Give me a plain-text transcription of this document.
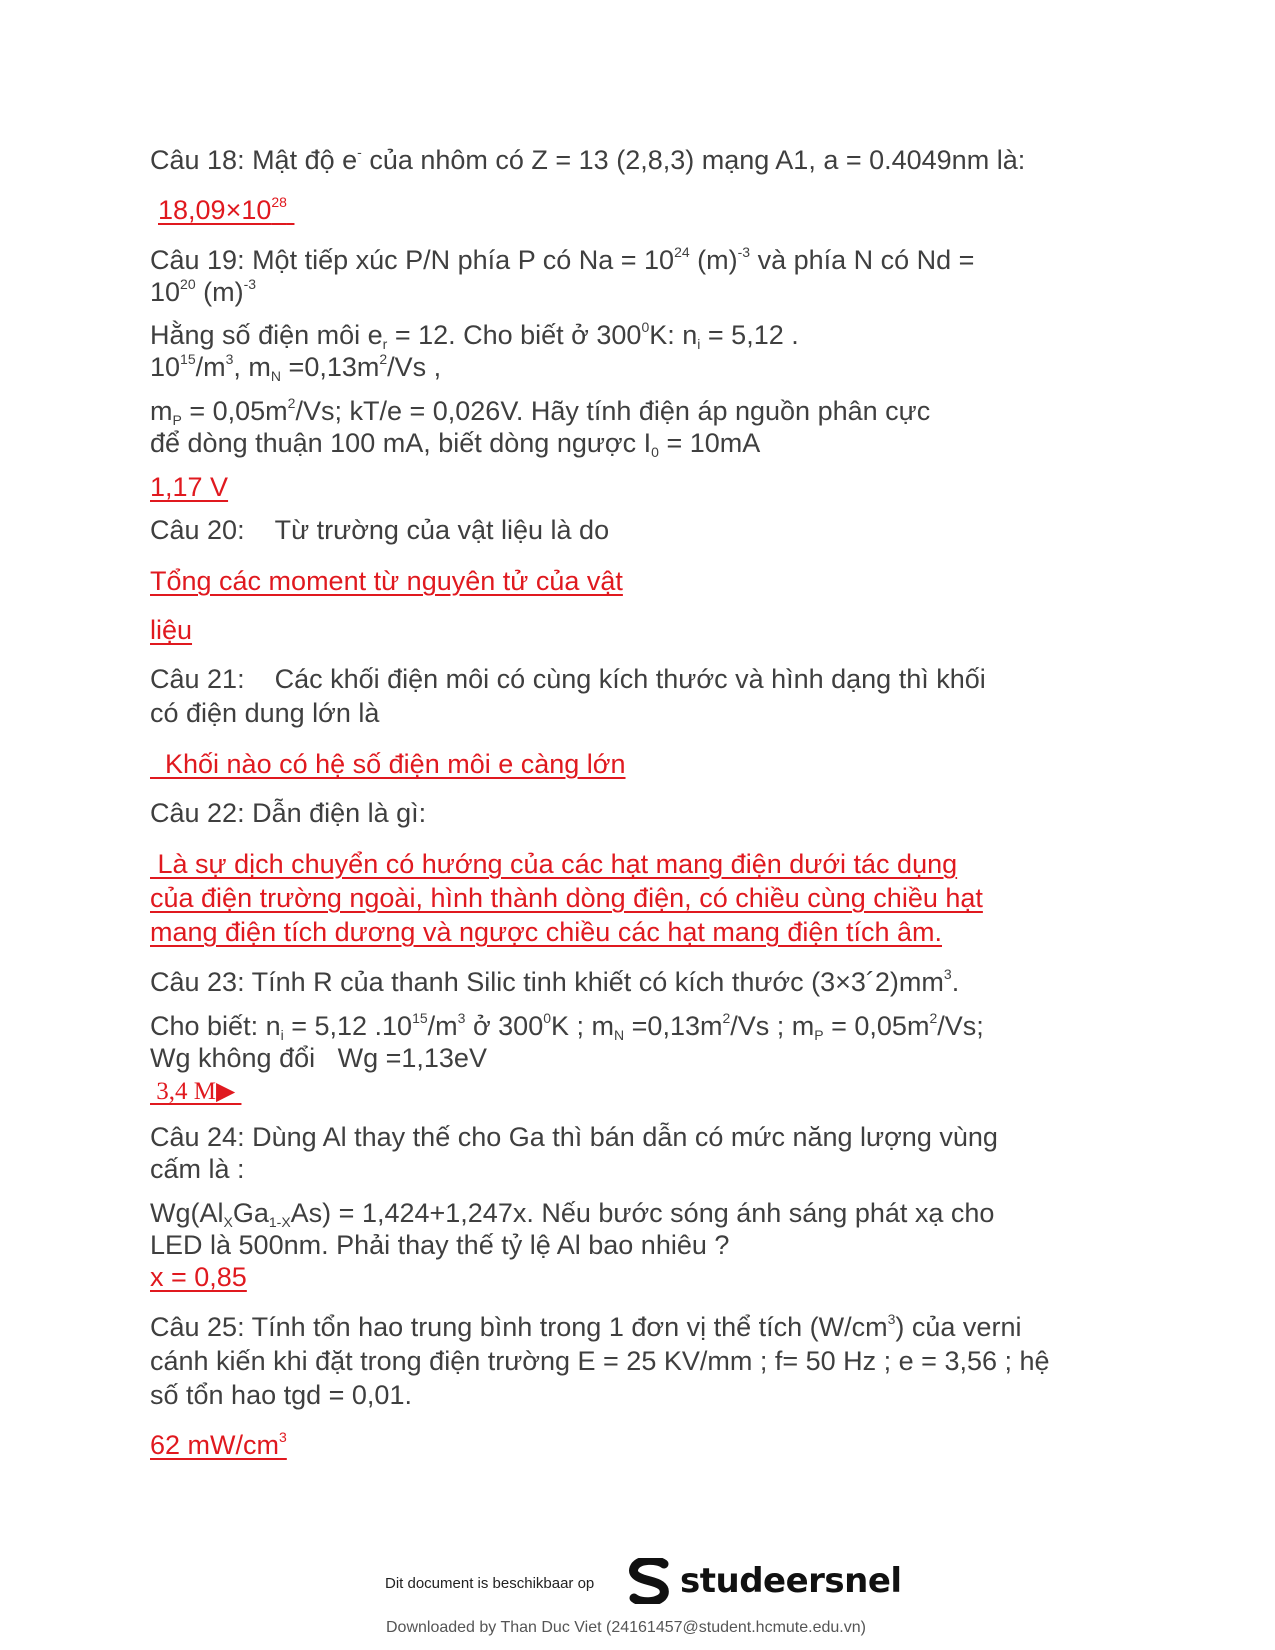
Câu 18: Mật độ e- của nhôm có Z = 13 (2,8,3) mạng A1, a = 0.4049nm là:
$18,09\times 10^{28}$
Câu 19: Một tiếp xúc P/N phía P có $Na = 10^{24}$ $(m)^{-3}$ và phía N có Nd =
$10^{20}$ $(m)^{-3}$
Hằng số điện môi $e_r = 12$. Cho biết ở $300^0K$: $n_i = 5,12$ .
$10^{15}/m^3$, $m_N =0,13m^2/Vs$ ,
$m_P = 0,05m^2/Vs$; kT/e = 0,026V. Hãy tính điện áp nguồn phân cực
để dòng thuận 100 mA, biết dòng ngược $I_0 = 10mA$
1,17 V
Câu 20: Từ trường của vật liệu là do
Tổng các moment từ nguyên tử của vật
liệu
Câu 21: Các khối điện môi có cùng kích thước và hình dạng thì khối
có điện dung lớn là
Khối nào có hệ số điện môi e càng lớn
Câu 22: Dẫn điện là gì:
Là sự dịch chuyển có hướng của các hạt mang điện dưới tác dụng
của điện trường ngoài, hình thành dòng điện, có chiều cùng chiều hạt
mang điện tích dương và ngược chiều các hạt mang điện tích âm.
Câu 23: Tính R của thanh Silic tinh khiết có kích thước $(3\times 3´2)mm^3$.
Cho biết: $n_i = 5,12$ $.10^{15}/m^3$ ở $300^0K$ ; $m_N =0,13m^2/Vs$ ; $m_P = 0,05m^2/Vs$;
Wg không đổi   Wg =1,13eV
3,4 M▶
Câu 24: Dùng Al thay thế cho Ga thì bán dẫn có mức năng lượng vùng
cấm là :
$Wg(Al_XGa_{1-X}As) = 1,424+1,247x$. Nếu bước sóng ánh sáng phát xạ cho
LED là 500nm. Phải thay thế tỷ lệ Al bao nhiêu ?
x = 0,85
Câu 25: Tính tổn hao trung bình trong 1 đơn vị thể tích $(W/cm^3)$ của verni
cánh kiến khi đặt trong điện trường E = 25 KV/mm ; f= 50 Hz ; e = 3,56 ; hệ
số tổn hao tgd = 0,01.
62 $mW/cm^3$
Dit document is beschikbaar op	studeersnel
Downloaded by Than Duc Viet (24161457@student.hcmute.edu.vn)
